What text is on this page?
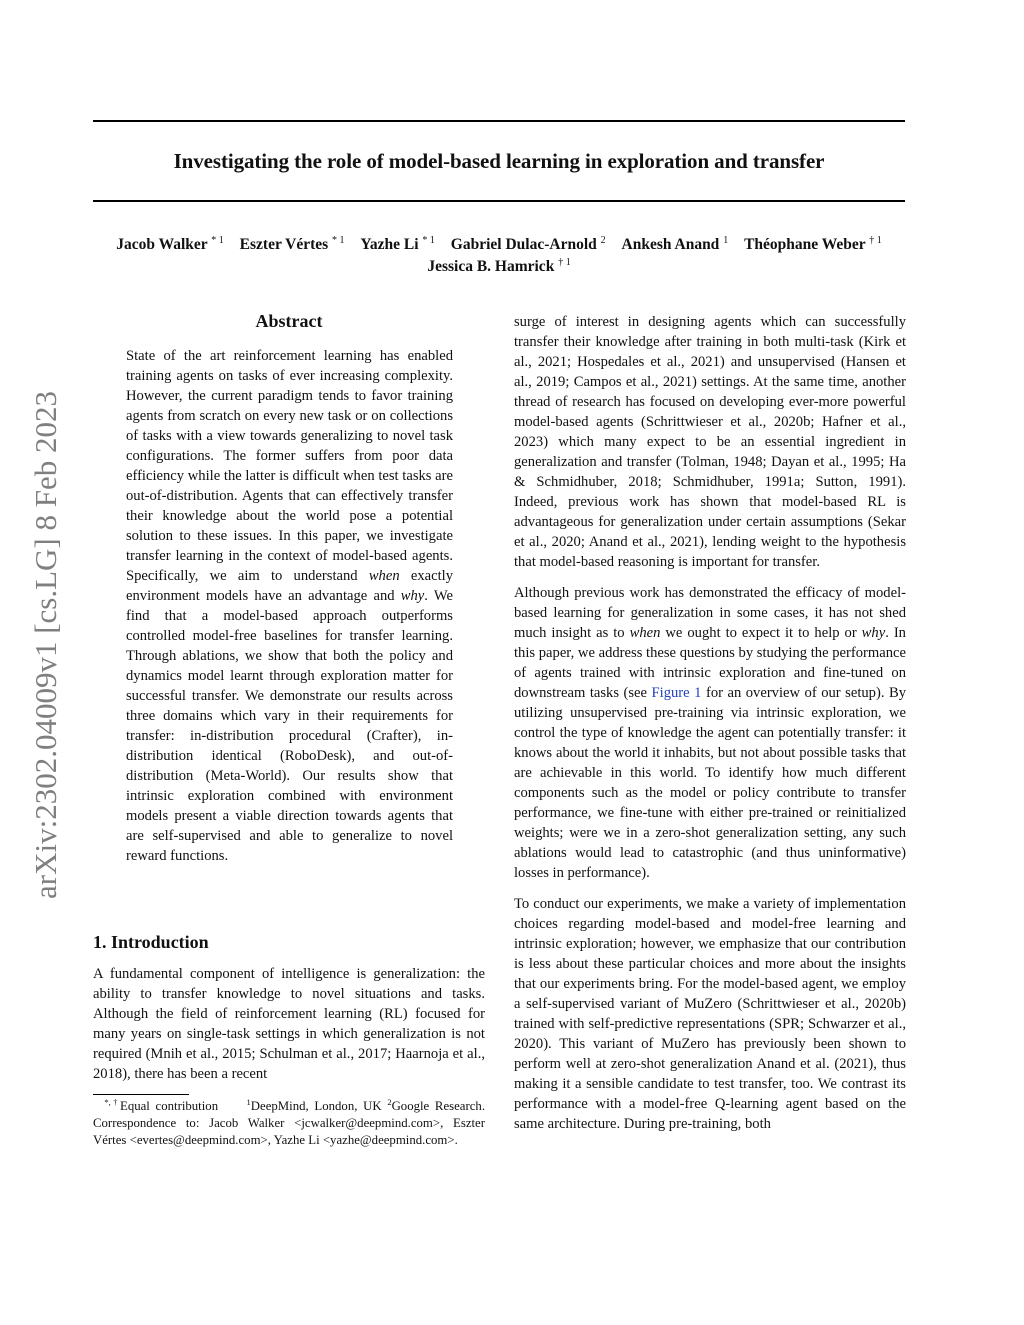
Investigating the role of model-based learning in exploration and transfer
Jacob Walker $^{* 1}$ Eszter Vértes $^{* 1}$ Yazhe Li $^{* 1}$ Gabriel Dulac-Arnold $^2$ Ankesh Anand $^1$ Théophane Weber $^{\dagger 1}$
Jessica B. Hamrick $^{\dagger 1}$
arXiv:2302.04009v1 [cs.LG] 8 Feb 2023
Abstract
State of the art reinforcement learning has enabled training agents on tasks of ever increasing complexity. However, the current paradigm tends to favor training agents from scratch on every new task or on collections of tasks with a view towards generalizing to novel task configurations. The former suffers from poor data efficiency while the latter is difficult when test tasks are out-of-distribution. Agents that can effectively transfer their knowledge about the world pose a potential solution to these issues. In this paper, we investigate transfer learning in the context of model-based agents. Specifically, we aim to understand when exactly environment models have an advantage and why. We find that a model-based approach outperforms controlled model-free baselines for transfer learning. Through ablations, we show that both the policy and dynamics model learnt through exploration matter for successful transfer. We demonstrate our results across three domains which vary in their requirements for transfer: in-distribution procedural (Crafter), in-distribution identical (RoboDesk), and out-of-distribution (Meta-World). Our results show that intrinsic exploration combined with environment models present a viable direction towards agents that are self-supervised and able to generalize to novel reward functions.
1. Introduction
A fundamental component of intelligence is generalization: the ability to transfer knowledge to novel situations and tasks. Although the field of reinforcement learning (RL) focused for many years on single-task settings in which generalization is not required (Mnih et al., 2015; Schulman et al., 2017; Haarnoja et al., 2018), there has been a recent
*,†Equal contribution	$^1$DeepMind, London, UK $^2$Google Research. Correspondence to: Jacob Walker <jcwalker@deepmind.com>, Eszter Vértes <evertes@deepmind.com>, Yazhe Li <yazhe@deepmind.com>.

surge of interest in designing agents which can successfully transfer their knowledge after training in both multi-task (Kirk et al., 2021; Hospedales et al., 2021) and unsupervised (Hansen et al., 2019; Campos et al., 2021) settings. At the same time, another thread of research has focused on developing ever-more powerful model-based agents (Schrittwieser et al., 2020b; Hafner et al., 2023) which many expect to be an essential ingredient in generalization and transfer (Tolman, 1948; Dayan et al., 1995; Ha & Schmidhuber, 2018; Schmidhuber, 1991a; Sutton, 1991). Indeed, previous work has shown that model-based RL is advantageous for generalization under certain assumptions (Sekar et al., 2020; Anand et al., 2021), lending weight to the hypothesis that model-based reasoning is important for transfer.

Although previous work has demonstrated the efficacy of model-based learning for generalization in some cases, it has not shed much insight as to when we ought to expect it to help or why. In this paper, we address these questions by studying the performance of agents trained with intrinsic exploration and fine-tuned on downstream tasks (see Figure 1 for an overview of our setup). By utilizing unsupervised pre-training via intrinsic exploration, we control the type of knowledge the agent can potentially transfer: it knows about the world it inhabits, but not about possible tasks that are achievable in this world. To identify how much different components such as the model or policy contribute to transfer performance, we fine-tune with either pre-trained or reinitialized weights; were we in a zero-shot generalization setting, any such ablations would lead to catastrophic (and thus uninformative) losses in performance).

To conduct our experiments, we make a variety of implementation choices regarding model-based and model-free learning and intrinsic exploration; however, we emphasize that our contribution is less about these particular choices and more about the insights that our experiments bring. For the model-based agent, we employ a self-supervised variant of MuZero (Schrittwieser et al., 2020b) trained with self-predictive representations (SPR; Schwarzer et al., 2020). This variant of MuZero has previously been shown to perform well at zero-shot generalization Anand et al. (2021), thus making it a sensible candidate to test transfer, too. We contrast its performance with a model-free Q-learning agent based on the same architecture. During pre-training, both
